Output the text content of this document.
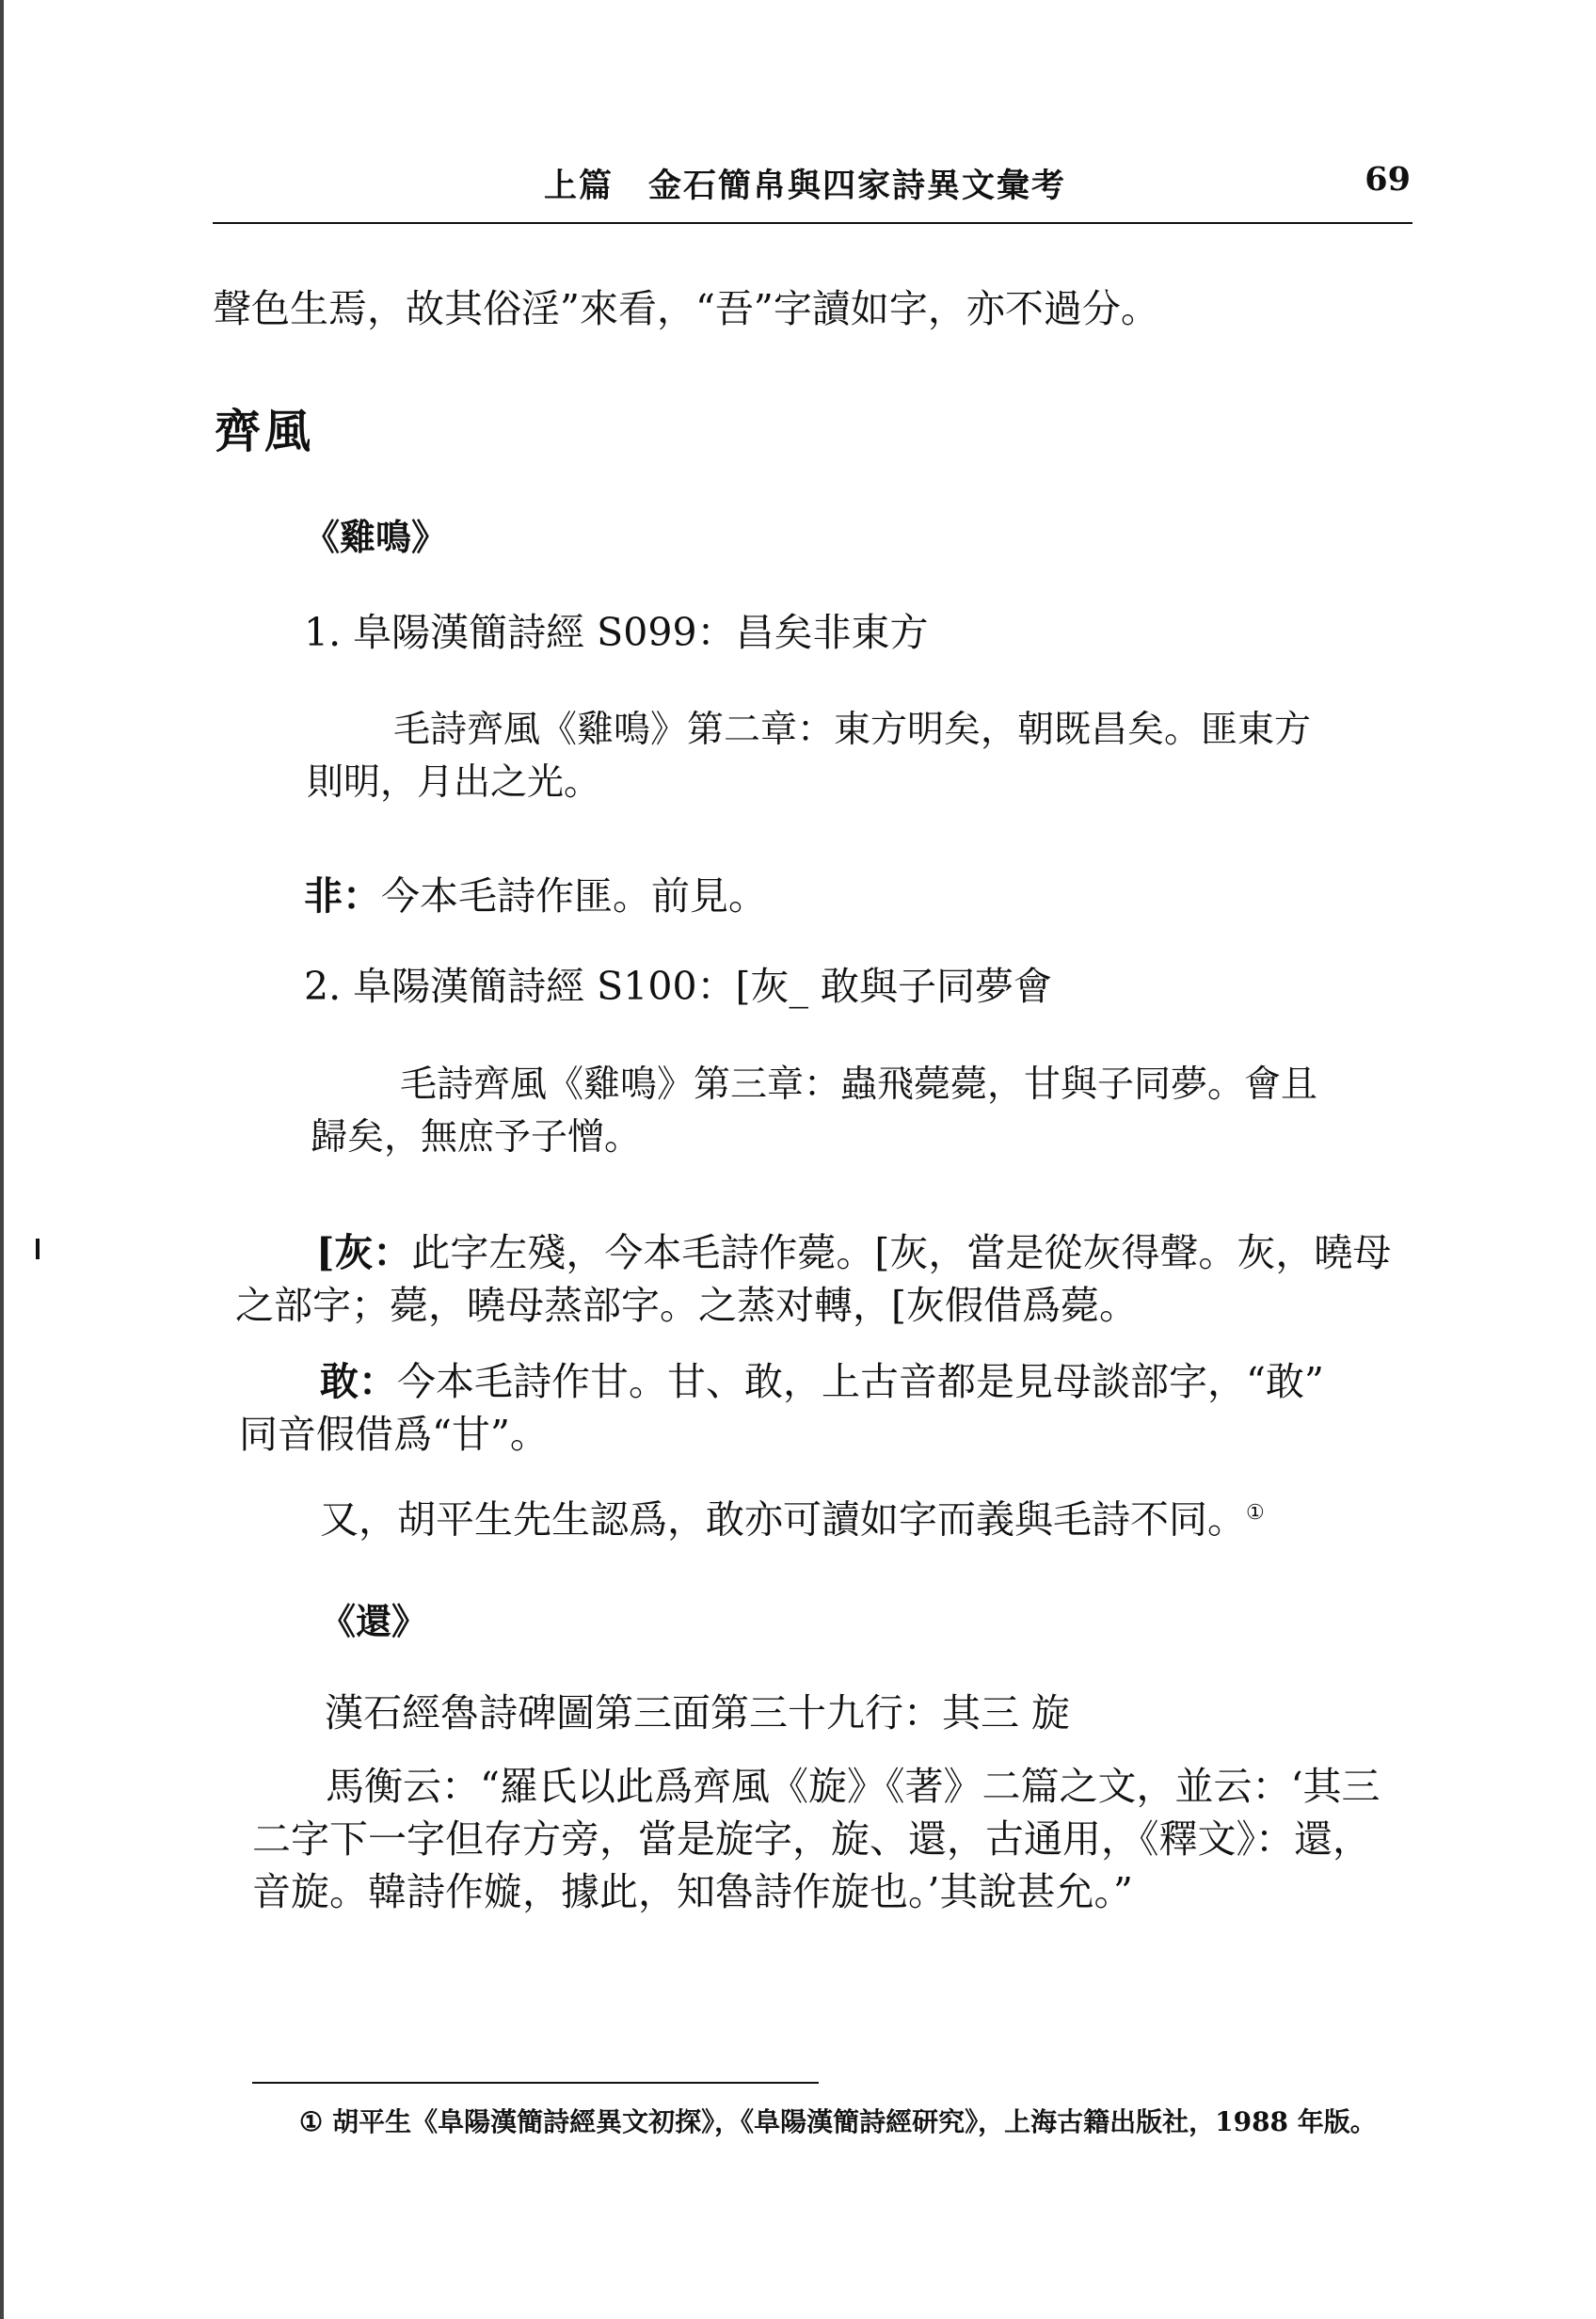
上篇　金石簡帛與四家詩異文彙考	69
聲色生焉，故其俗淫”來看，“吾”字讀如字，亦不過分。
齊風
《雞鳴》
1. 阜陽漢簡詩經 S099：昌矣非東方
毛詩齊風《雞鳴》第二章：東方明矣，朝既昌矣。匪東方
則明，月出之光。
非：今本毛詩作匪。前見。
2. 阜陽漢簡詩經 S100：[灰_ 敢與子同夢會
毛詩齊風《雞鳴》第三章：蟲飛薨薨，甘與子同夢。會且
歸矣，無庶予子憎。
[灰：此字左殘，今本毛詩作薨。[灰，當是從灰得聲。灰，曉母
之部字；薨，曉母蒸部字。之蒸对轉，[灰假借爲薨。
敢：今本毛詩作甘。甘、敢，上古音都是見母談部字，“敢”
同音假借爲“甘”。
又，胡平生先生認爲，敢亦可讀如字而義與毛詩不同。①
《還》
漢石經魯詩碑圖第三面第三十九行：其三 旋
馬衡云：“羅氏以此爲齊風《旋》《著》二篇之文，並云：‘其三
二字下一字但存方旁，當是旋字，旋、還，古通用，《釋文》：還，
音旋。韓詩作嫙，據此，知魯詩作旋也。’其說甚允。”
① 胡平生《阜陽漢簡詩經異文初探》，《阜陽漢簡詩經研究》，上海古籍出版社，1988 年版。
